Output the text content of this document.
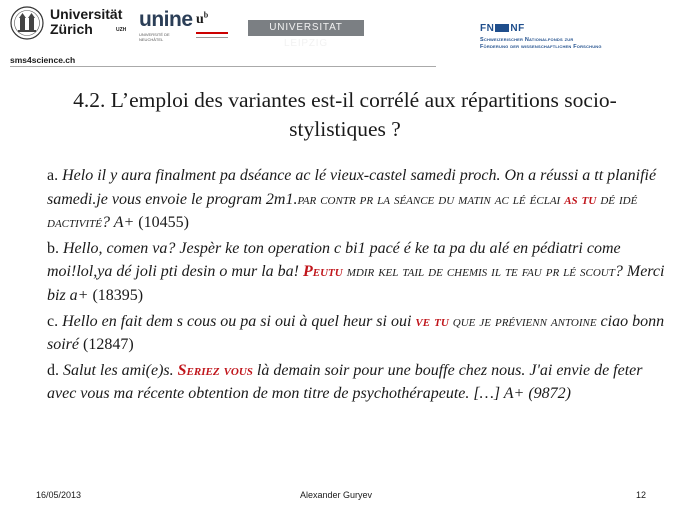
Universität
Zürich	UZH unine
UNIVERSITÉ DE NEUCHÂTEL
$u^b$
UNIVERSITAT LEIPZIG
FN NF
Schweizerischer Nationalfonds zur
Förderung der wissenschaftlichen Forschung
sms4science.ch
4.2. L’emploi des variantes est-il corrélé aux répartitions socio-stylistiques ?

a. Helo il y aura finalment pa dséance ac lé vieux-castel samedi proch. On a réussi a tt planifié samedi.je vous envoie le program 2m1.par contr pr la séance du matin ac lé éclai as tu dé idé dactivité? A+ (10455)

b. Hello, comen va? Jespèr ke ton operation c bi1 pacé é ke ta pa du alé en pédiatri come moi!lol,ya dé joli pti desin o mur la ba! Peutu mdir kel tail de chemis il te fau pr lé scout? Merci biz a+ (18395)

c. Hello en fait dem s cous ou pa si oui à quel heur si oui ve tu que je prévienn antoine ciao bonn soiré (12847)

d. Salut les ami(e)s. Seriez vous là demain soir pour une bouffe chez nous. J'ai envie de feter avec vous ma récente obtention de mon titre de psychothérapeute. […] A+ (9872)

16/05/2013	Alexander Guryev	12
